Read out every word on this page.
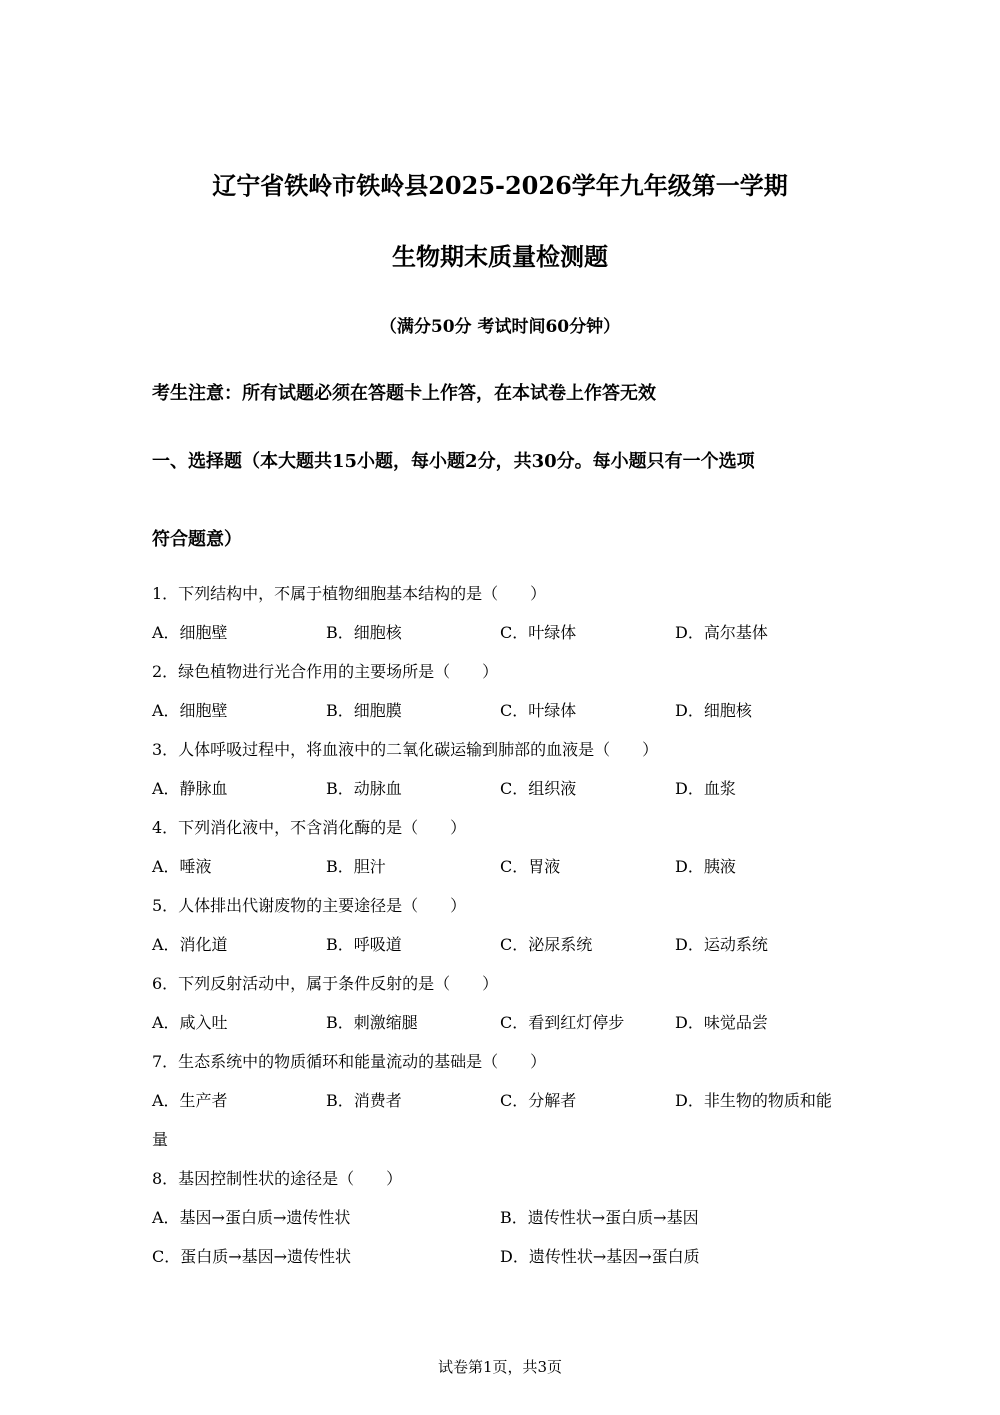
辽宁省铁岭市铁岭县2025-2026学年九年级第一学期
生物期末质量检测题
（满分50分 考试时间60分钟）
考生注意：所有试题必须在答题卡上作答，在本试卷上作答无效
一、选择题（本大题共15小题，每小题2分，共30分。每小题只有一个选项
符合题意）
1．下列结构中，不属于植物细胞基本结构的是（　　）
A．细胞壁	B．细胞核	C．叶绿体	D．高尔基体
2．绿色植物进行光合作用的主要场所是（　　）
A．细胞壁	B．细胞膜	C．叶绿体	D．细胞核
3．人体呼吸过程中，将血液中的二氧化碳运输到肺部的血液是（　　）
A．静脉血	B．动脉血	C．组织液	D．血浆
4．下列消化液中，不含消化酶的是（　　）
A．唾液	B．胆汁	C．胃液	D．胰液
5．人体排出代谢废物的主要途径是（　　）
A．消化道	B．呼吸道	C．泌尿系统	D．运动系统
6．下列反射活动中，属于条件反射的是（　　）
A．咸入吐	B．刺激缩腿	C．看到红灯停步	D．味觉品尝
7．生态系统中的物质循环和能量流动的基础是（　　）
A．生产者	B．消费者	C．分解者	D．非生物的物质和能
量
8．基因控制性状的途径是（　　）
A．基因→蛋白质→遗传性状	B．遗传性状→蛋白质→基因
C．蛋白质→基因→遗传性状	D．遗传性状→基因→蛋白质
试卷第1页，共3页
